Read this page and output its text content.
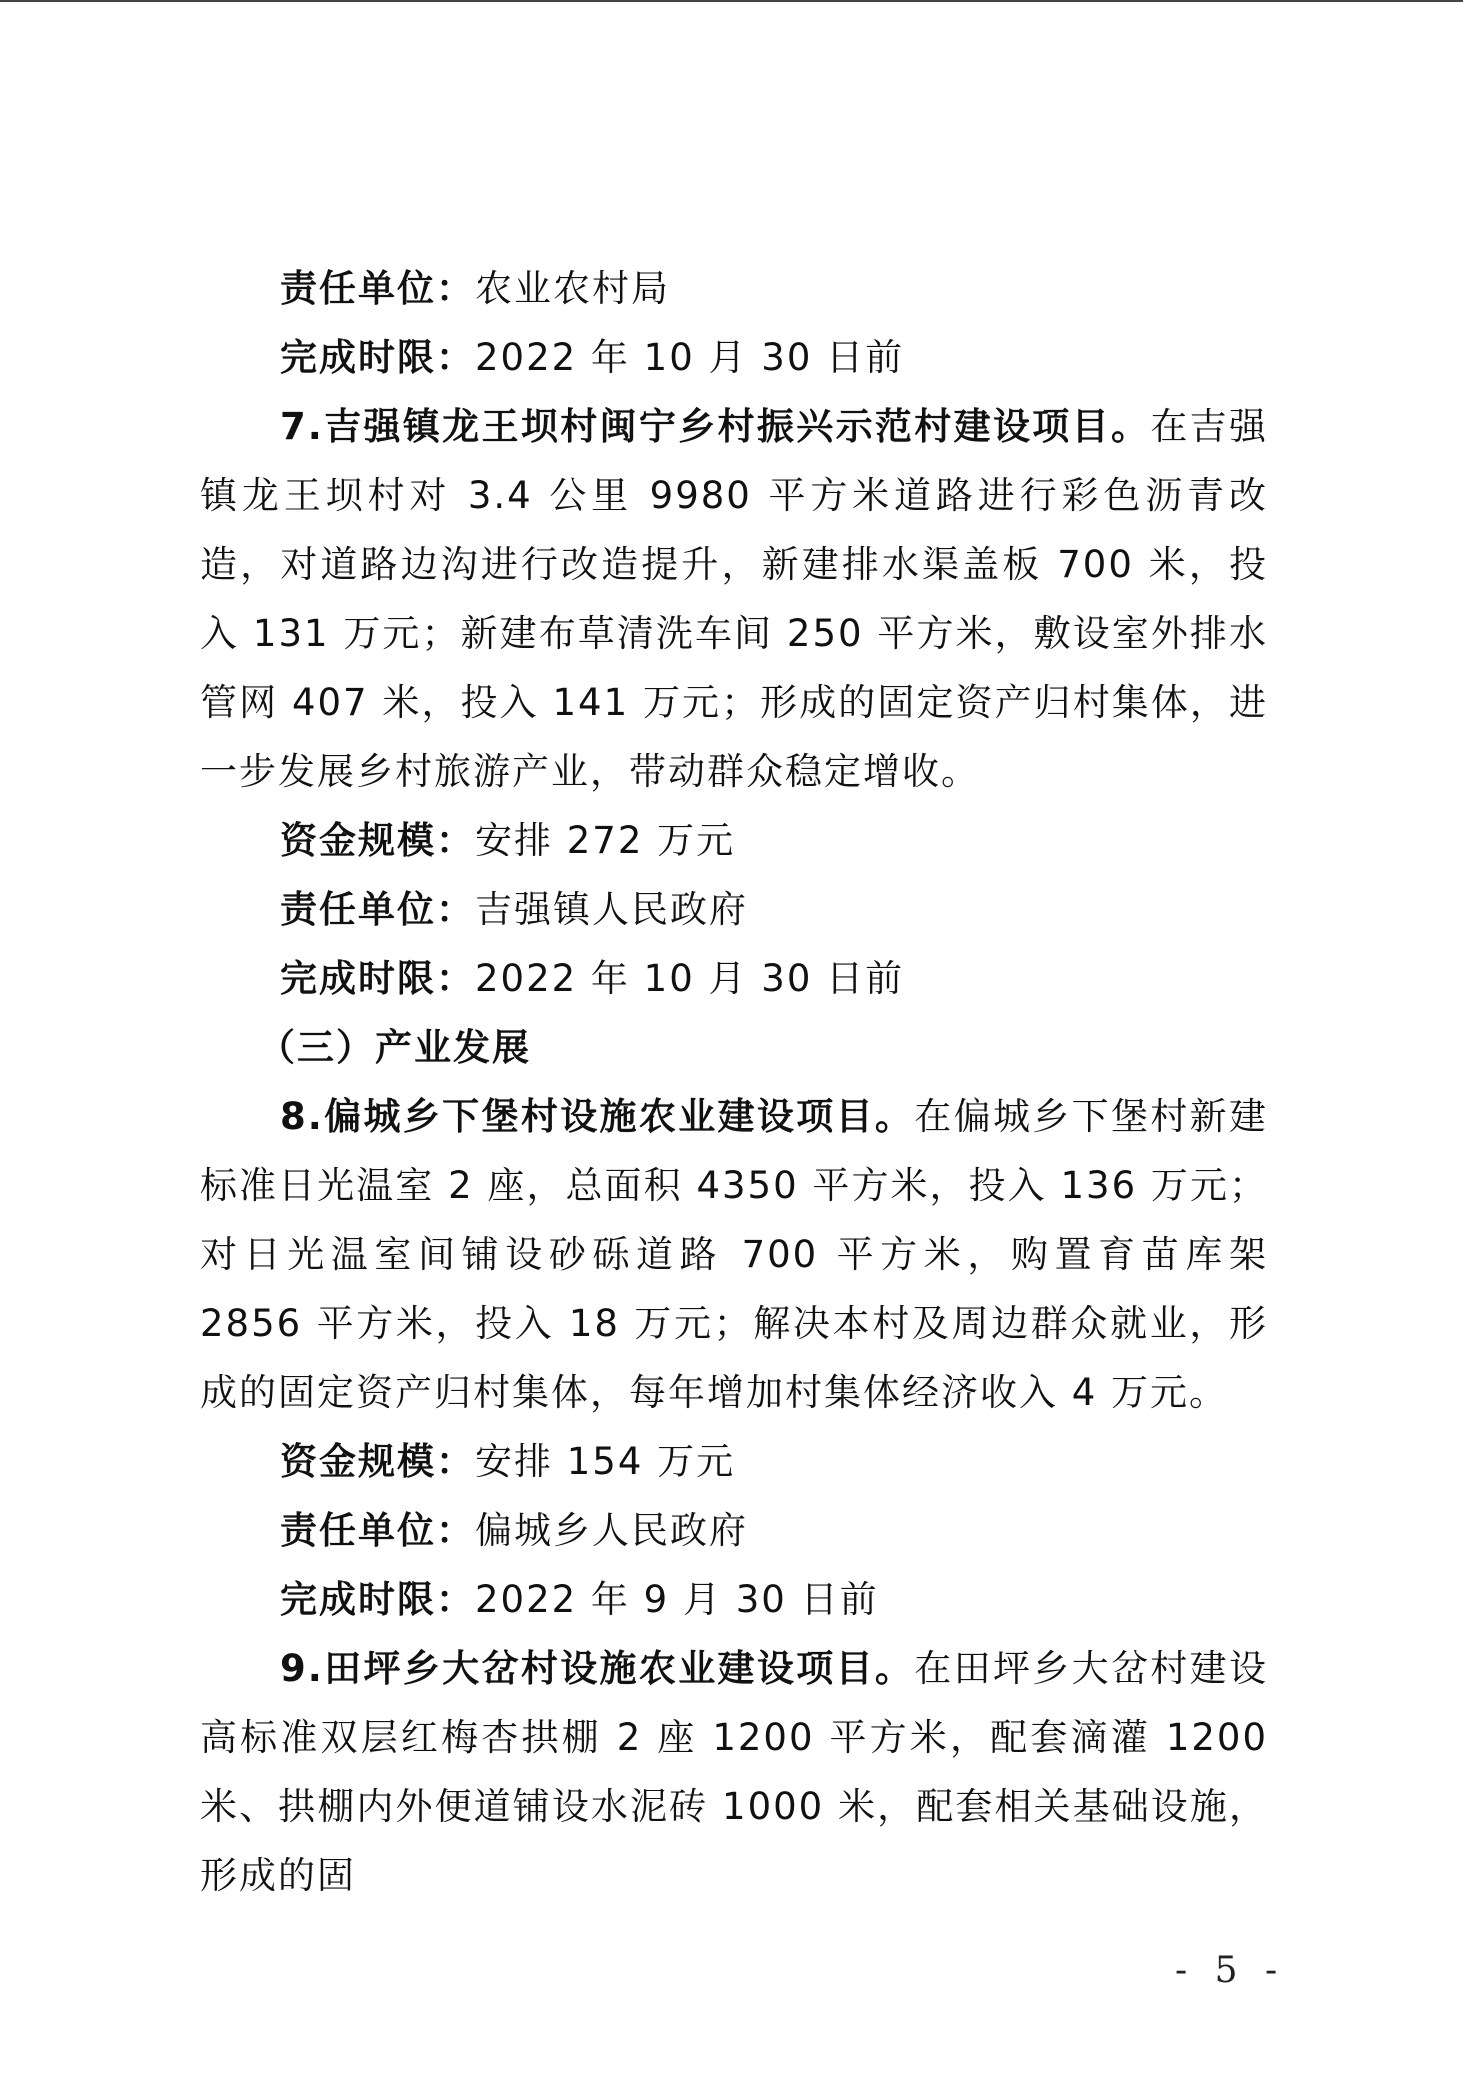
责任单位：农业农村局

完成时限：2022 年 10 月 30 日前

7.吉强镇龙王坝村闽宁乡村振兴示范村建设项目。在吉强镇龙王坝村对 3.4 公里 9980 平方米道路进行彩色沥青改造，对道路边沟进行改造提升，新建排水渠盖板 700 米，投入 131 万元；新建布草清洗车间 250 平方米，敷设室外排水管网 407 米，投入 141 万元；形成的固定资产归村集体，进一步发展乡村旅游产业，带动群众稳定增收。

资金规模：安排 272 万元

责任单位：吉强镇人民政府

完成时限：2022 年 10 月 30 日前

（三）产业发展

8.偏城乡下堡村设施农业建设项目。在偏城乡下堡村新建标准日光温室 2 座，总面积 4350 平方米，投入 136 万元；对日光温室间铺设砂砾道路 700 平方米，购置育苗库架 2856 平方米，投入 18 万元；解决本村及周边群众就业，形成的固定资产归村集体，每年增加村集体经济收入 4 万元。

资金规模：安排 154 万元

责任单位：偏城乡人民政府

完成时限：2022 年 9 月 30 日前

9.田坪乡大岔村设施农业建设项目。在田坪乡大岔村建设高标准双层红梅杏拱棚 2 座 1200 平方米，配套滴灌 1200 米、拱棚内外便道铺设水泥砖 1000 米，配套相关基础设施，形成的固

- 5 -
